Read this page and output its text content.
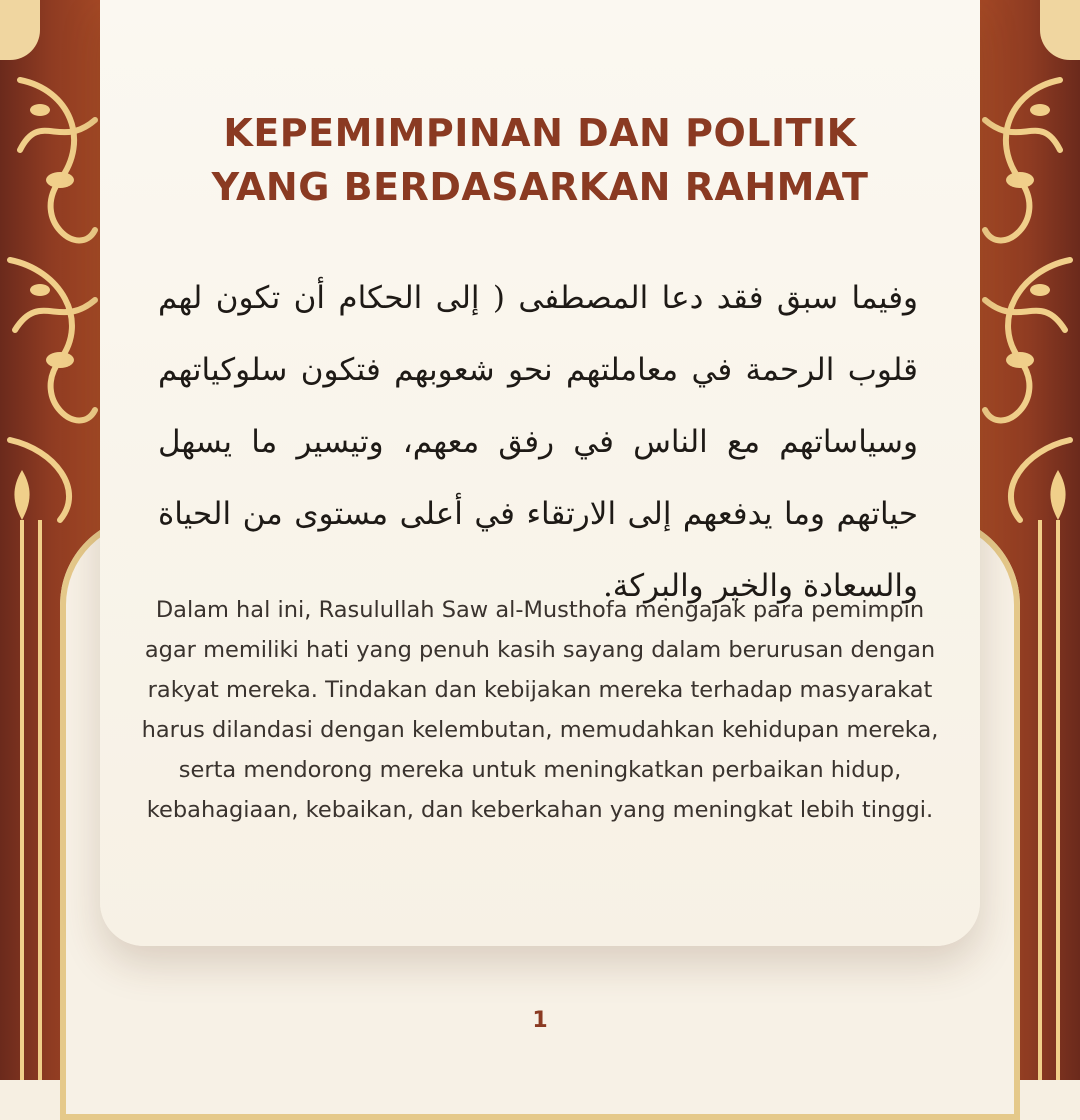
KEPEMIMPINAN DAN POLITIK
YANG BERDASARKAN RAHMAT

وفيما سبق فقد دعا المصطفى ( إلى الحكام أن تكون لهم قلوب الرحمة في معاملتهم نحو شعوبهم فتكون سلوكياتهم وسياساتهم مع الناس في رفق معهم، وتيسير ما يسهل حياتهم وما يدفعهم إلى الارتقاء في أعلى مستوى من الحياة والسعادة والخير والبركة.

Dalam hal ini, Rasulullah Saw al-Musthofa mengajak para pemimpin agar memiliki hati yang penuh kasih sayang dalam berurusan dengan rakyat mereka. Tindakan dan kebijakan mereka terhadap masyarakat harus dilandasi dengan kelembutan, memudahkan kehidupan mereka, serta mendorong mereka untuk meningkatkan perbaikan hidup, kebahagiaan, kebaikan, dan keberkahan yang meningkat lebih tinggi.

1
